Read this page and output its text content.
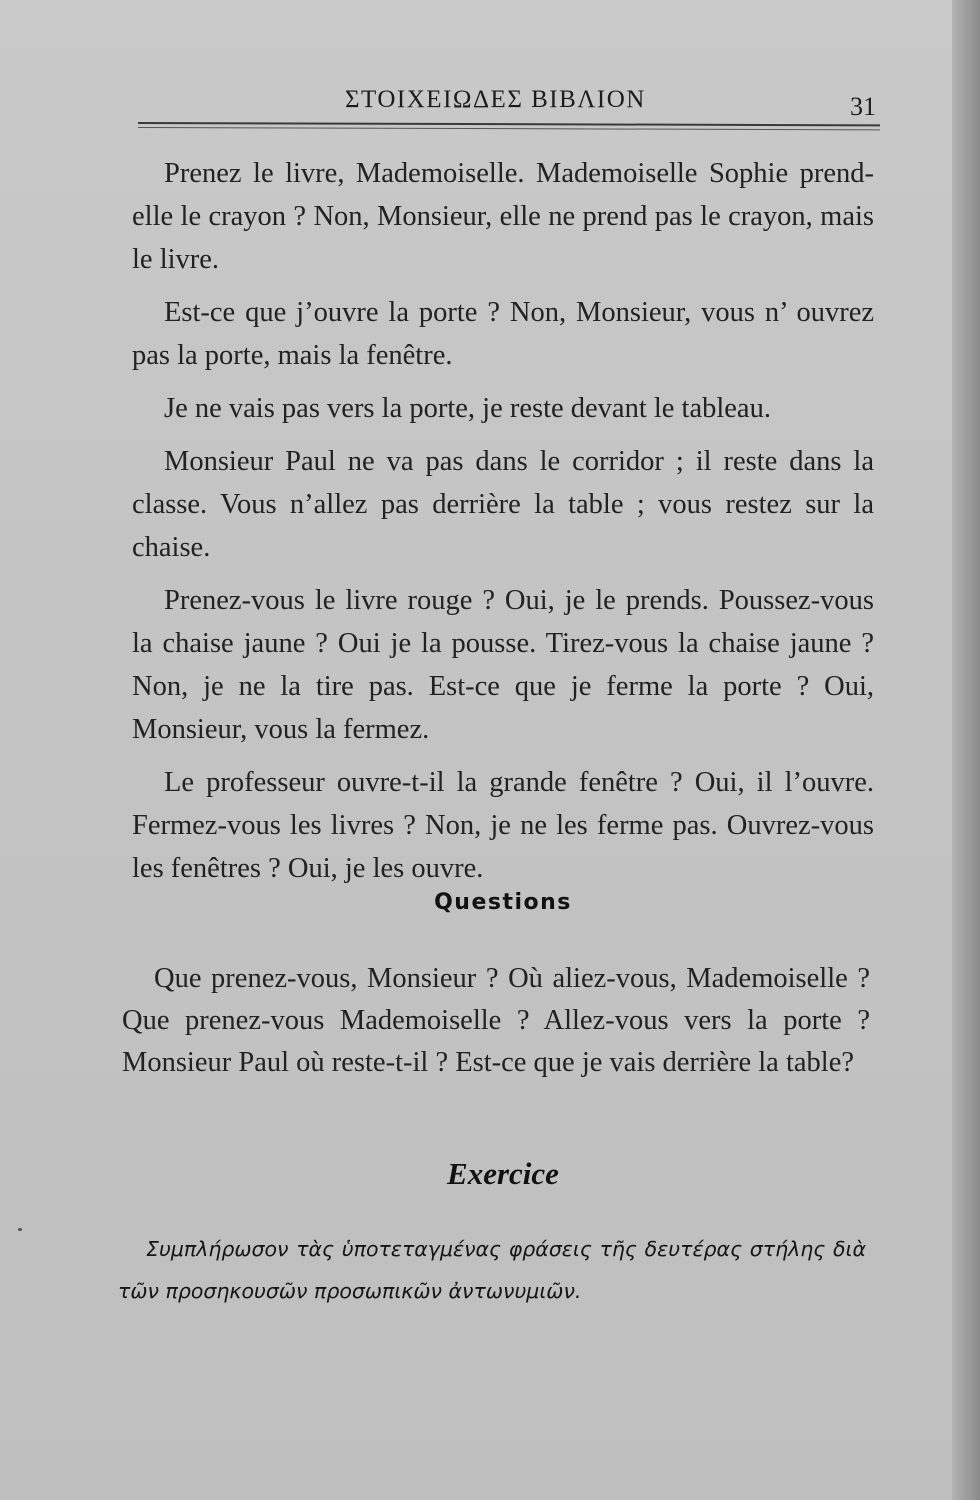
ΣΤΟΙΧΕΙΩΔΕΣ ΒΙΒΛΙΟΝ	31

Prenez le livre, Mademoiselle. Mademoiselle Sophie prend-elle le crayon ? Non, Monsieur, elle ne prend pas le crayon, mais le livre.

Est-ce que j’ouvre la porte ? Non, Monsieur, vous n’ ouvrez pas la porte, mais la fenêtre.

Je ne vais pas vers la porte, je reste devant le tableau.

Monsieur Paul ne va pas dans le corridor ; il reste dans la classe. Vous n’allez pas derrière la table ; vous restez sur la chaise.

Prenez-vous le livre rouge ? Oui, je le prends. Poussez-vous la chaise jaune ? Oui je la pousse. Tirez-vous la chaise jaune ? Non, je ne la tire pas. Est-ce que je ferme la porte ? Oui, Monsieur, vous la fermez.

Le professeur ouvre-t-il la grande fenêtre ? Oui, il l’ouvre. Fermez-vous les livres ? Non, je ne les ferme pas. Ouvrez-vous les fenêtres ? Oui, je les ouvre.

Questions

Que prenez-vous, Monsieur ? Où aliez-vous, Mademoiselle ? Que prenez-vous Mademoiselle ? Allez-vous vers la porte ? Monsieur Paul où reste-t-il ? Est-ce que je vais derrière la table?

Exercice

Συμπλήρωσον τὰς ὑποτεταγμένας φράσεις τῆς δευτέρας στήλης διὰ τῶν προσηκουσῶν προσωπικῶν ἀντωνυμιῶν.
